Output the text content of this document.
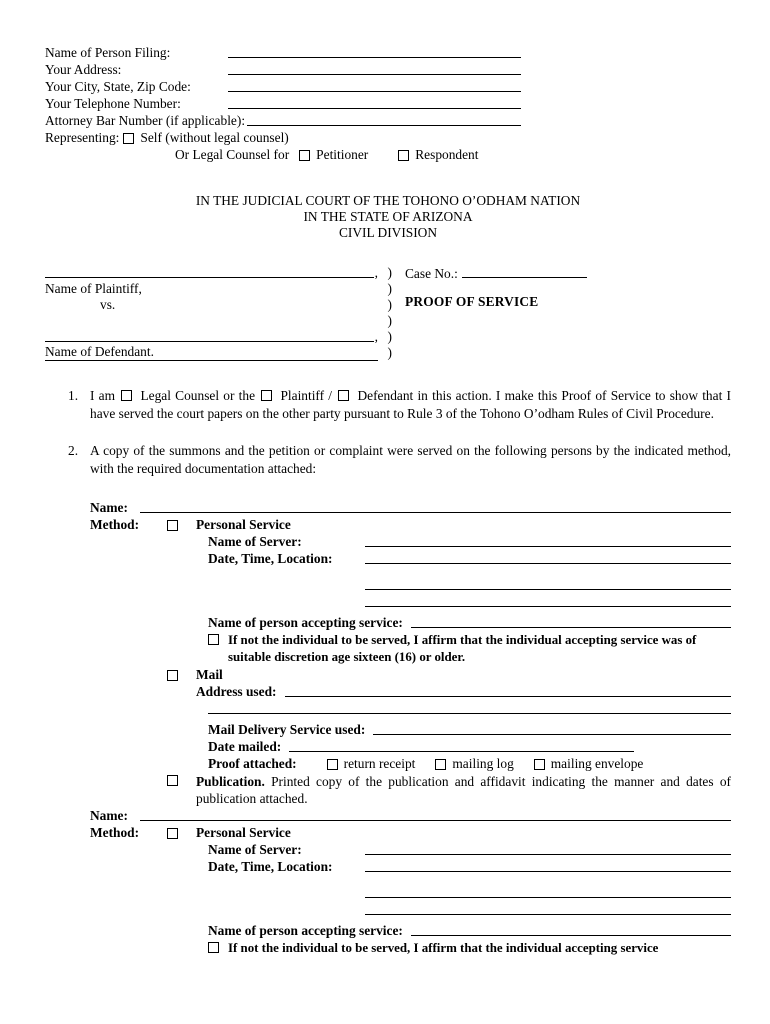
Name of Person Filing:
Your Address:
Your City, State, Zip Code:
Your Telephone Number:
Attorney Bar Number (if applicable):
Representing: Self (without legal counsel)
Or Legal Counsel for Petitioner	Respondent
IN THE JUDICIAL COURT OF THE TOHONO O’ODHAM NATION
IN THE STATE OF ARIZONA
CIVIL DIVISION
,
Name of Plaintiff,
vs.
,
Name of Defendant.
)
)
)
)
)
)
Case No.:
PROOF OF SERVICE
1. I am Legal Counsel or the Plaintiff / Defendant in this action. I make this Proof of Service to show that I have served the court papers on the other party pursuant to Rule 3 of the Tohono O’odham Rules of Civil Procedure.
2. A copy of the summons and the petition or complaint were served on the following persons by the indicated method, with the required documentation attached:
Name:
Method:	Personal Service
Name of Server:
Date, Time, Location:
Name of person accepting service:
If not the individual to be served, I affirm that the individual accepting service was of suitable discretion age sixteen (16) or older.
Mail
Address used:
Mail Delivery Service used:
Date mailed:
Proof attached:	return receipt	mailing log	mailing envelope
Publication. Printed copy of the publication and affidavit indicating the manner and dates of publication attached.
Name:
Method:	Personal Service
Name of Server:
Date, Time, Location:
Name of person accepting service:
If not the individual to be served, I affirm that the individual accepting service
